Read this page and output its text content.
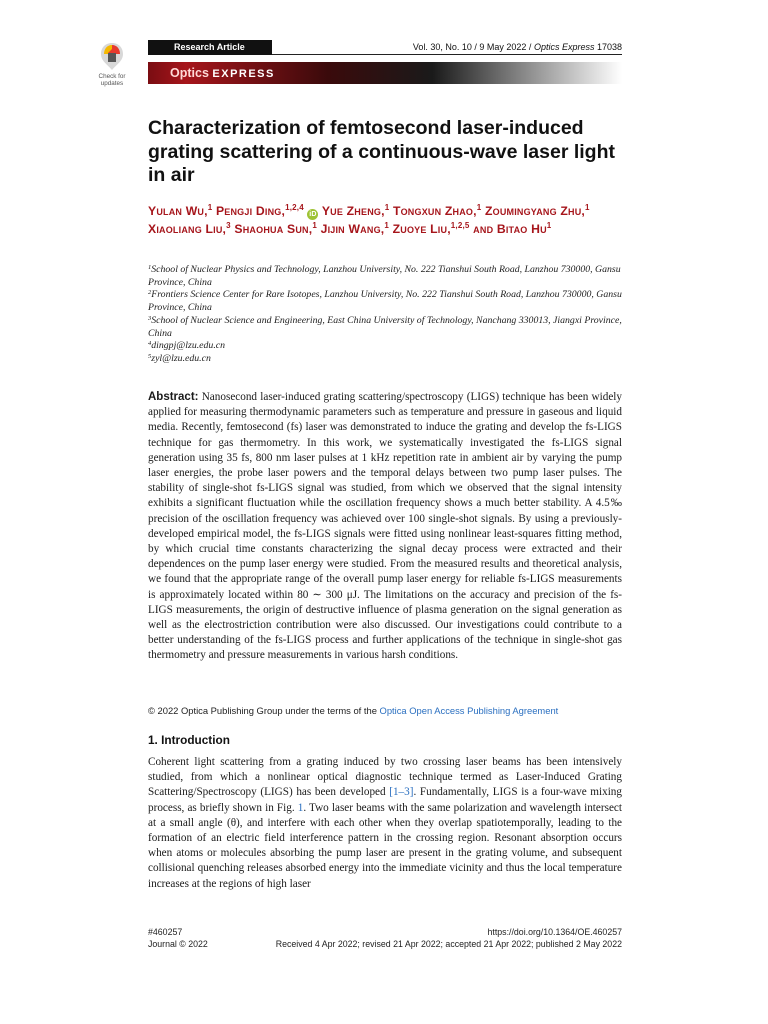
Check for
updates
Research Article	Vol. 30, No. 10 / 9 May 2022 / Optics Express 17038
Optics EXPRESS
Characterization of femtosecond laser-induced grating scattering of a continuous-wave laser light in air
Yulan Wu,$^1$ Pengji Ding,$^{1,2,4}$ iD Yue Zheng,$^1$ Tongxun Zhao,$^1$ Zoumingyang Zhu,$^1$ Xiaoliang Liu,$^3$ Shaohua Sun,$^1$ Jijin Wang,$^1$ Zuoye Liu,$^{1,2,5}$ and Bitao Hu$^1$
$^1$School of Nuclear Physics and Technology, Lanzhou University, No. 222 Tianshui South Road, Lanzhou 730000, Gansu Province, China
$^2$Frontiers Science Center for Rare Isotopes, Lanzhou University, No. 222 Tianshui South Road, Lanzhou 730000, Gansu Province, China
$^3$School of Nuclear Science and Engineering, East China University of Technology, Nanchang 330013, Jiangxi Province, China
$^4$dingpj@lzu.edu.cn
$^5$zyl@lzu.edu.cn

Abstract: Nanosecond laser-induced grating scattering/spectroscopy (LIGS) technique has been widely applied for measuring thermodynamic parameters such as temperature and pressure in gaseous and liquid media. Recently, femtosecond (fs) laser was demonstrated to induce the grating and develop the fs-LIGS technique for gas thermometry. In this work, we systematically investigated the fs-LIGS signal generation using 35 fs, 800 nm laser pulses at 1 kHz repetition rate in ambient air by varying the pump laser energies, the probe laser powers and the temporal delays between two pump laser pulses. The stability of single-shot fs-LIGS signal was studied, from which we observed that the signal intensity exhibits a significant fluctuation while the oscillation frequency shows a much better stability. A 4.5‰ precision of the oscillation frequency was achieved over 100 single-shot signals. By using a previously-developed empirical model, the fs-LIGS signals were fitted using nonlinear least-squares fitting method, by which crucial time constants characterizing the signal decay process were extracted and their dependences on the pump laser energy were studied. From the measured results and theoretical analysis, we found that the appropriate range of the overall pump laser energy for reliable fs-LIGS measurements is approximately located within 80 ∼ 300 μJ. The limitations on the accuracy and precision of the fs-LIGS measurements, the origin of destructive influence of plasma generation on the signal generation as well as the electrostriction contribution were also discussed. Our investigations could contribute to a better understanding of the fs-LIGS process and further applications of the technique in single-shot gas thermometry and pressure measurements in various harsh conditions.

© 2022 Optica Publishing Group under the terms of the Optica Open Access Publishing Agreement

1. Introduction

Coherent light scattering from a grating induced by two crossing laser beams has been intensively studied, from which a nonlinear optical diagnostic technique termed as Laser-Induced Grating Scattering/Spectroscopy (LIGS) has been developed [1–3]. Fundamentally, LIGS is a four-wave mixing process, as briefly shown in Fig. 1. Two laser beams with the same polarization and wavelength intersect at a small angle (θ), and interfere with each other when they overlap spatiotemporally, leading to the formation of an electric field interference pattern in the crossing region. Resonant absorption occurs when atoms or molecules absorbing the pump laser are present in the grating volume, and subsequent collisional quenching releases absorbed energy into the immediate vicinity and thus the local temperature increases at the regions of high laser

#460257
Journal © 2022
https://doi.org/10.1364/OE.460257
Received 4 Apr 2022; revised 21 Apr 2022; accepted 21 Apr 2022; published 2 May 2022
